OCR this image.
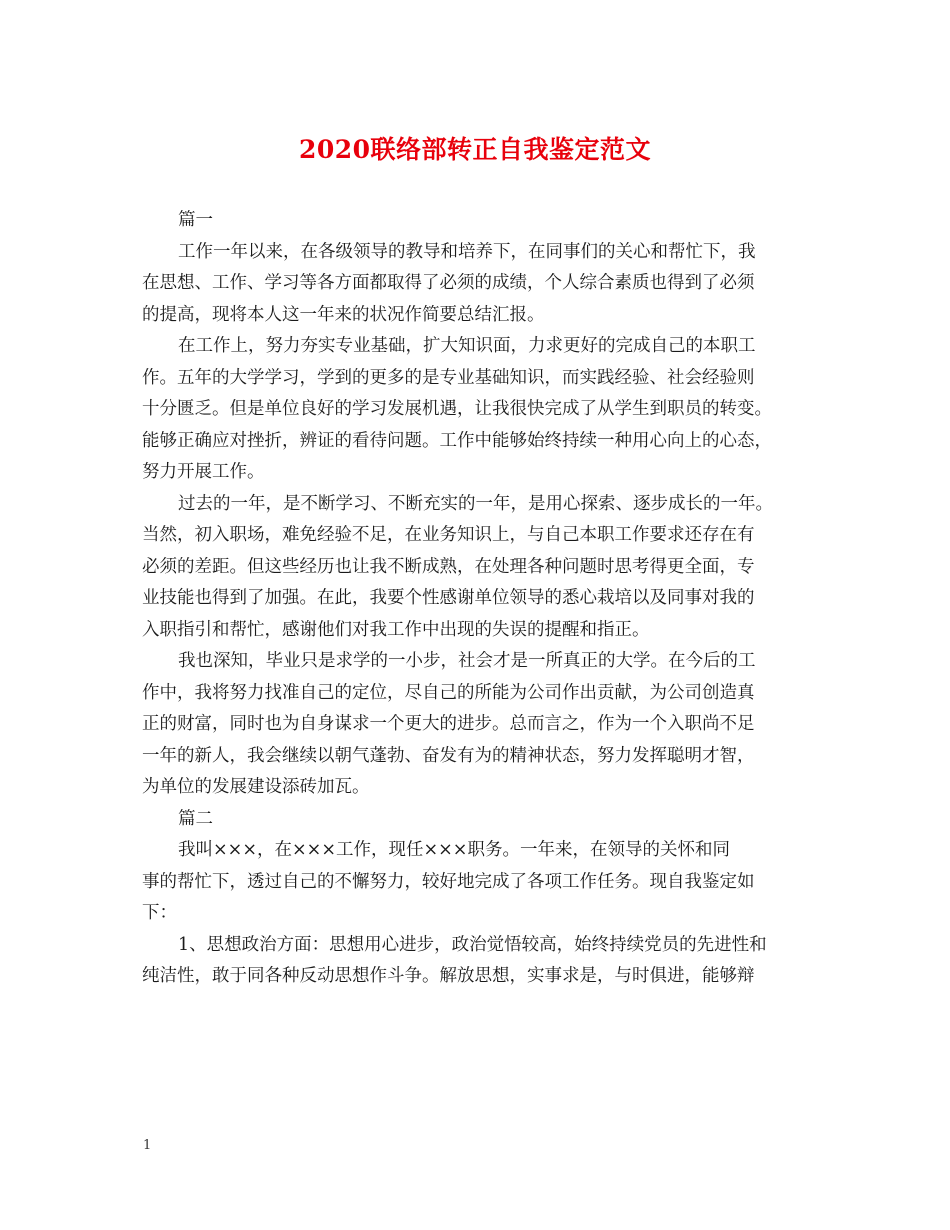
2020联络部转正自我鉴定范文
篇一
工作一年以来，在各级领导的教导和培养下，在同事们的关心和帮忙下，我
在思想、工作、学习等各方面都取得了必须的成绩，个人综合素质也得到了必须
的提高，现将本人这一年来的状况作简要总结汇报。
在工作上，努力夯实专业基础，扩大知识面，力求更好的完成自己的本职工
作。五年的大学学习，学到的更多的是专业基础知识，而实践经验、社会经验则
十分匮乏。但是单位良好的学习发展机遇，让我很快完成了从学生到职员的转变。
能够正确应对挫折，辨证的看待问题。工作中能够始终持续一种用心向上的心态，
努力开展工作。
过去的一年，是不断学习、不断充实的一年，是用心探索、逐步成长的一年。
当然，初入职场，难免经验不足，在业务知识上，与自己本职工作要求还存在有
必须的差距。但这些经历也让我不断成熟，在处理各种问题时思考得更全面，专
业技能也得到了加强。在此，我要个性感谢单位领导的悉心栽培以及同事对我的
入职指引和帮忙，感谢他们对我工作中出现的失误的提醒和指正。
我也深知，毕业只是求学的一小步，社会才是一所真正的大学。在今后的工
作中，我将努力找准自己的定位，尽自己的所能为公司作出贡献，为公司创造真
正的财富，同时也为自身谋求一个更大的进步。总而言之，作为一个入职尚不足
一年的新人，我会继续以朝气蓬勃、奋发有为的精神状态，努力发挥聪明才智，
为单位的发展建设添砖加瓦。
篇二
我叫×××，在×××工作，现任×××职务。一年来，在领导的关怀和同
事的帮忙下，透过自己的不懈努力，较好地完成了各项工作任务。现自我鉴定如
下：
1、思想政治方面：思想用心进步，政治觉悟较高，始终持续党员的先进性和
纯洁性，敢于同各种反动思想作斗争。解放思想，实事求是，与时俱进，能够辩
1
